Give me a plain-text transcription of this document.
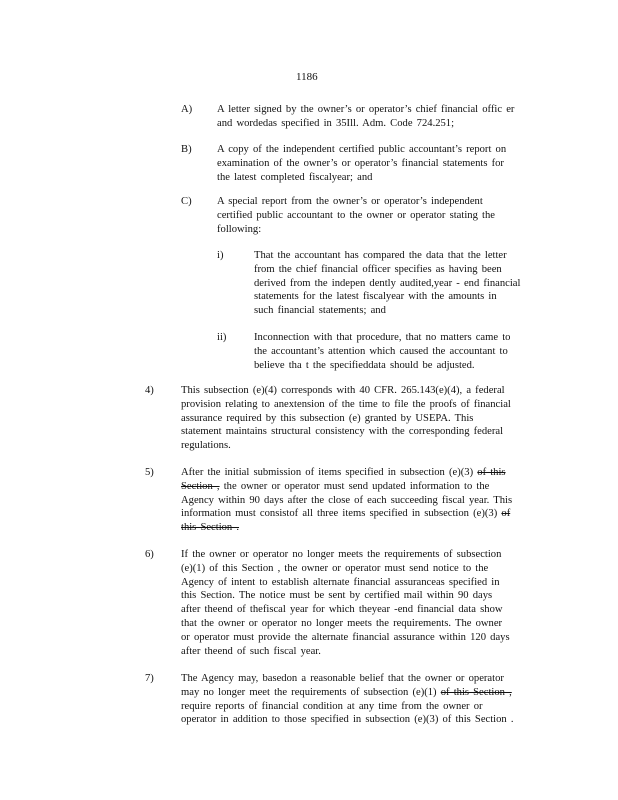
1186
A) A letter signed by the owner’s or operator’s chief financial offic er
and wordedas specified in 35Ill. Adm. Code 724.251;
B) A copy of the independent certified public accountant’s report on
examination of the owner’s or operator’s financial statements for
the latest completed fiscalyear; and
C) A special report from the owner’s or operator’s independent
certified public accountant to the owner or operator stating the
following:
i)	That the accountant has compared the data that the letter
from the chief financial officer specifies as having been
derived from the indepen dently audited,year - end financial
statements for the latest fiscalyear with the amounts in
such financial statements; and
ii)	Inconnection with that procedure, that no matters came to
the accountant’s attention which caused the accountant to
believe tha t the specifieddata should be adjusted.
4)	This subsection (e)(4) corresponds with 40 CFR. 265.143(e)(4), a federal
provision relating to anextension of the time to file the proofs of financial
assurance required by this subsection (e) granted by USEPA. This
statement maintains structural consistency with the corresponding federal
regulations.
5)	After the initial submission of items specified in subsection (e)(3) of this
Section , the owner or operator must send updated information to the
Agency within 90 days after the close of each succeeding fiscal year. This
information must consistof all three items specified in subsection (e)(3) of
this Section .
6)	If the owner or operator no longer meets the requirements of subsection
(e)(1) of this Section , the owner or operator must send notice to the
Agency of intent to establish alternate financial assuranceas specified in
this Section. The notice must be sent by certified mail within 90 days
after theend of thefiscal year for which theyear -end financial data show
that the owner or operator no longer meets the requirements. The owner
or operator must provide the alternate financial assurance within 120 days
after theend of such fiscal year.
7)	The Agency may, basedon a reasonable belief that the owner or operator
may no longer meet the requirements of subsection (e)(1) of this Section ,
require reports of financial condition at any time from the owner or
operator in addition to those specified in subsection (e)(3) of this Section .
